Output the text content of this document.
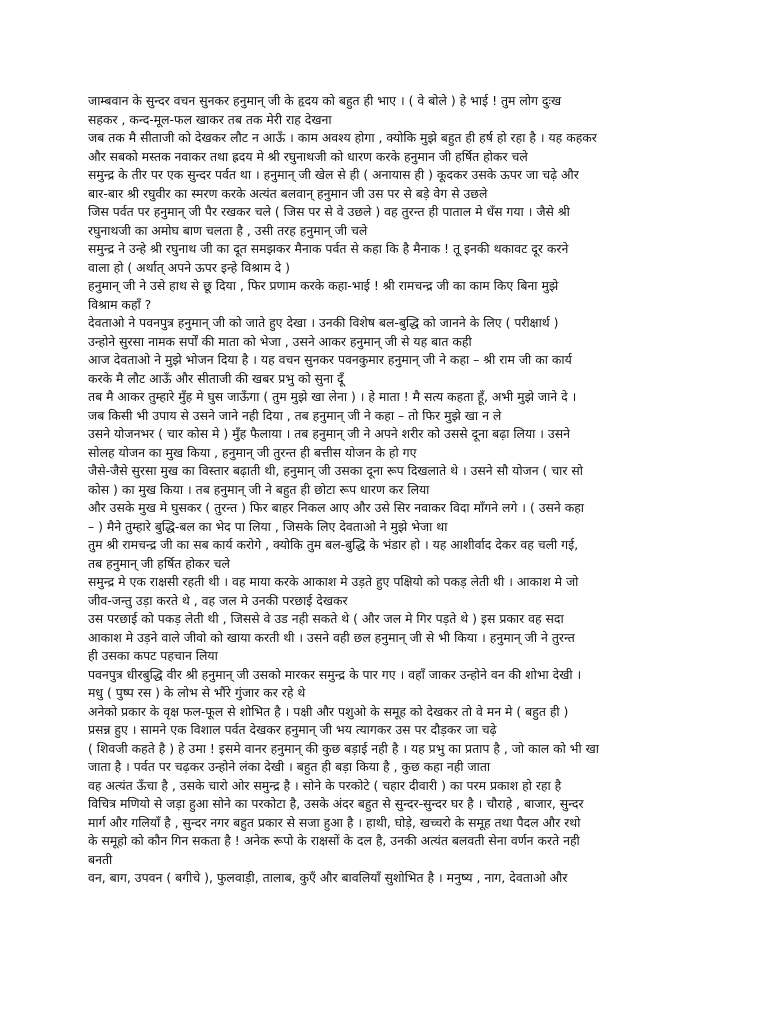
जाम्बवान के सुन्दर वचन सुनकर हनुमान् जी के हृदय को बहुत ही भाए । ( वे बोले ) हे भाई ! तुम लोग दुःख
सहकर , कन्द-मूल-फल खाकर तब तक मेरी राह देखना
जब तक मै सीताजी को देखकर लौट न आऊँ । काम अवश्य होगा , क्योकि मुझे बहुत ही हर्ष हो रहा है । यह कहकर
और सबको मस्तक नवाकर तथा ह्रदय मे श्री रघुनाथजी को धारण करके हनुमान जी हर्षित होकर चले
समुन्द्र के तीर पर एक सुन्दर पर्वत था । हनुमान् जी खेल से ही ( अनायास ही ) कूदकर उसके ऊपर जा चढ़े और
बार-बार श्री रघुवीर का स्मरण करके अत्यंत बलवान् हनुमान जी उस पर से बड़े वेग से उछले
जिस पर्वत पर हनुमान् जी पैर रखकर चले ( जिस पर से वे उछले ) वह तुरन्त ही पाताल मे धँस गया । जैसे श्री
रघुनाथजी का अमोघ बाण चलता है , उसी तरह हनुमान् जी चले
समुन्द्र ने उन्हे श्री रघुनाथ जी का दूत समझकर मैनाक पर्वत से कहा कि है मैनाक ! तू इनकी थकावट दूर करने
वाला हो ( अर्थात् अपने ऊपर इन्हे विश्राम दे )
हनुमान् जी ने उसे हाथ से छू दिया , फिर प्रणाम करके कहा-भाई ! श्री रामचन्द्र जी का काम किए बिना मुझे
विश्राम कहाँ ?
देवताओ ने पवनपुत्र हनुमान् जी को जाते हुए देखा । उनकी विशेष बल-बुद्धि को जानने के लिए ( परीक्षार्थ )
उन्होने सुरसा नामक सर्पों की माता को भेजा , उसने आकर हनुमान् जी से यह बात कही
आज देवताओ ने मुझे भोजन दिया है । यह वचन सुनकर पवनकुमार हनुमान् जी ने कहा – श्री राम जी का कार्य
करके मै लौट आऊँ और सीताजी की खबर प्रभु को सुना दूँ
तब मै आकर तुम्हारे मुँह मे घुस जाऊँगा ( तुम मुझे खा लेना ) । हे माता ! मै सत्य कहता हूँ, अभी मुझे जाने दे ।
जब किसी भी उपाय से उसने जाने नही दिया , तब हनुमान् जी ने कहा – तो फिर मुझे खा न ले
उसने योजनभर ( चार कोस मे ) मुँह फैलाया । तब हनुमान् जी ने अपने शरीर को उससे दूना बढ़ा लिया । उसने
सोलह योजन का मुख किया , हनुमान् जी तुरन्त ही बत्तीस योजन के हो गए
जैसे-जैसे सुरसा मुख का विस्तार बढ़ाती थी, हनुमान् जी उसका दूना रूप दिखलाते थे । उसने सौ योजन ( चार सो
कोस ) का मुख किया । तब हनुमान् जी ने बहुत ही छोटा रूप धारण कर लिया
और उसके मुख मे घुसकर ( तुरन्त ) फिर बाहर निकल आए और उसे सिर नवाकर विदा माँगने लगे । ( उसने कहा
– ) मैने तुम्हारे बुद्धि-बल का भेद पा लिया , जिसके लिए देवताओ ने मुझे भेजा था
तुम श्री रामचन्द्र जी का सब कार्य करोगे , क्योकि तुम बल-बुद्धि के भंडार हो । यह आशीर्वाद देकर वह चली गई,
तब हनुमान् जी हर्षित होकर चले
समुन्द्र मे एक राक्षसी रहती थी । वह माया करके आकाश मे उड़ते हुए पक्षियो को पकड़ लेती थी । आकाश मे जो
जीव-जन्तु उड़ा करते थे , वह जल मे उनकी परछाई देखकर
उस परछाई को पकड़ लेती थी , जिससे वे उड नही सकते थे ( और जल मे गिर पड़ते थे ) इस प्रकार वह सदा
आकाश मे उड़ने वाले जीवो को खाया करती थी । उसने वही छल हनुमान् जी से भी किया । हनुमान् जी ने तुरन्त
ही उसका कपट पहचान लिया
पवनपुत्र धीरबुद्धि वीर श्री हनुमान् जी उसको मारकर समुन्द्र के पार गए । वहाँ जाकर उन्होने वन की शोभा देखी ।
मधु ( पुष्प रस ) के लोभ से भौंरे गुंजार कर रहे थे
अनेको प्रकार के वृक्ष फल-फूल से शोभित है । पक्षी और पशुओ के समूह को देखकर तो वे मन मे ( बहुत ही )
प्रसन्न हुए । सामने एक विशाल पर्वत देखकर हनुमान् जी भय त्यागकर उस पर दौड़कर जा चढ़े
( शिवजी कहते है ) हे उमा ! इसमे वानर हनुमान् की कुछ बड़ाई नही है । यह प्रभु का प्रताप है , जो काल को भी खा
जाता है । पर्वत पर चढ़कर उन्होने लंका देखी । बहुत ही बड़ा किया है , कुछ कहा नही जाता
वह अत्यंत ऊँचा है , उसके चारो ओर समुन्द्र है । सोने के परकोटे ( चहार दीवारी ) का परम प्रकाश हो रहा है
विचित्र मणियो से जड़ा हुआ सोने का परकोटा है, उसके अंदर बहुत से सुन्दर-सुन्दर घर है । चौराहे , बाजार, सुन्दर
मार्ग और गलियाँ है , सुन्दर नगर बहुत प्रकार से सजा हुआ है । हाथी, घोड़े, खच्चरो के समूह तथा पैदल और रथो
के समूहो को कौन गिन सकता है ! अनेक रूपो के राक्षसों के दल है, उनकी अत्यंत बलवती सेना वर्णन करते नही
बनती
वन, बाग, उपवन ( बगीचे ), फुलवाड़ी, तालाब, कुएँ और बावलियाँ सुशोभित है । मनुष्य , नाग, देवताओ और
